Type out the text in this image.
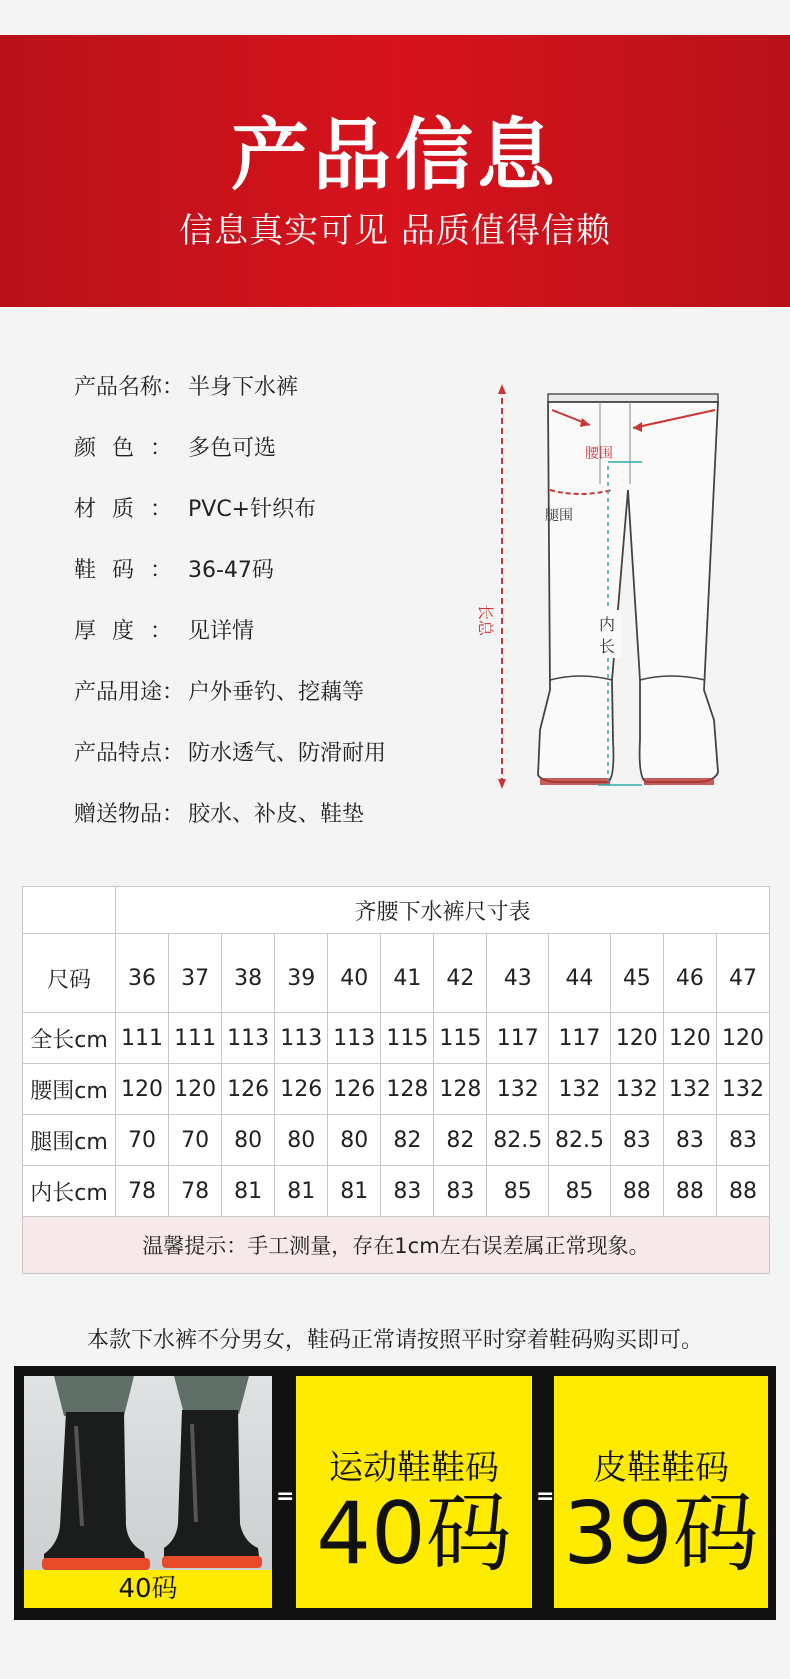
产品信息
信息真实可见 品质值得信赖
产品名称： 半身下水裤
颜 色 ： 多色可选
材 质 ： PVC+针织布
鞋 码 ： 36-47码
厚 度 ： 见详情
产品用途： 户外垂钓、挖藕等
产品特点： 防水透气、防滑耐用
赠送物品： 胶水、补皮、鞋垫
腰围
腿围
长总	内
长
	齐腰下水裤尺寸表											
尺码	36	37	38	39	40	41	42	43	44	45	46	47
全长cm	111	111	113	113	113	115	115	117	117	120	120	120
腰围cm	120	120	126	126	126	128	128	132	132	132	132	132
腿围cm	70	70	80	80	80	82	82	82.5	82.5	83	83	83
内长cm	78	78	81	81	81	83	83	85	85	88	88	88
温馨提示：手工测量，存在1cm左右误差属正常现象。												
本款下水裤不分男女，鞋码正常请按照平时穿着鞋码购买即可。
40码
=
运动鞋鞋码
40码	=
皮鞋鞋码
39码
